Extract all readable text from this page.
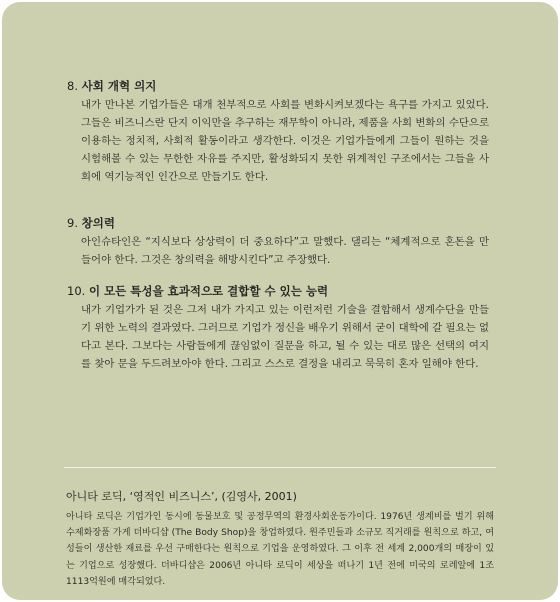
8. 사회 개혁 의지
내가 만나본 기업가들은 대개 천부적으로 사회를 변화시켜보겠다는 욕구를 가지고 있었다. 그들은 비즈니스란 단지 이익만을 추구하는 재무학이 아니라, 제품을 사회 변화의 수단으로 이용하는 정치적, 사회적 활동이라고 생각한다. 이것은 기업가들에게 그들이 원하는 것을 시험해볼 수 있는 무한한 자유를 주지만, 활성화되지 못한 위계적인 구조에서는 그들을 사회에 역기능적인 인간으로 만들기도 한다.
9. 창의력
아인슈타인은 “지식보다 상상력이 더 중요하다”고 말했다. 댈리는 “체계적으로 혼돈을 만들어야 한다. 그것은 창의력을 해방시킨다”고 주장했다.
10. 이 모든 특성을 효과적으로 결합할 수 있는 능력
내가 기업가가 된 것은 그저 내가 가지고 있는 이런저런 기술을 결합해서 생계수단을 만들기 위한 노력의 결과였다. 그러므로 기업가 정신을 배우기 위해서 굳이 대학에 갈 필요는 없다고 본다. 그보다는 사람들에게 끊임없이 질문을 하고, 될 수 있는 대로 많은 선택의 여지를 찾아 문을 두드려보아야 한다. 그리고 스스로 결정을 내리고 묵묵히 혼자 일해야 한다.
아니타 로딕, ‘영적인 비즈니스’, (김영사, 2001)
아니타 로딕은 기업가인 동시에 동물보호 및 공정무역의 환경사회운동가이다. 1976년 생계비를 벌기 위해 수제화장품 가게 더바디샵 (The Body Shop)을 창업하였다. 원주민들과 소규모 직거래를 원칙으로 하고, 여성들이 생산한 재료를 우선 구매한다는 원칙으로 기업을 운영하였다. 그 이후 전 세계 2,000개의 매장이 있는 기업으로 성장했다. 더바디샵은 2006년 아니타 로딕이 세상을 떠나기 1년 전에 미국의 로레알에 1조 1113억원에 매각되었다.
